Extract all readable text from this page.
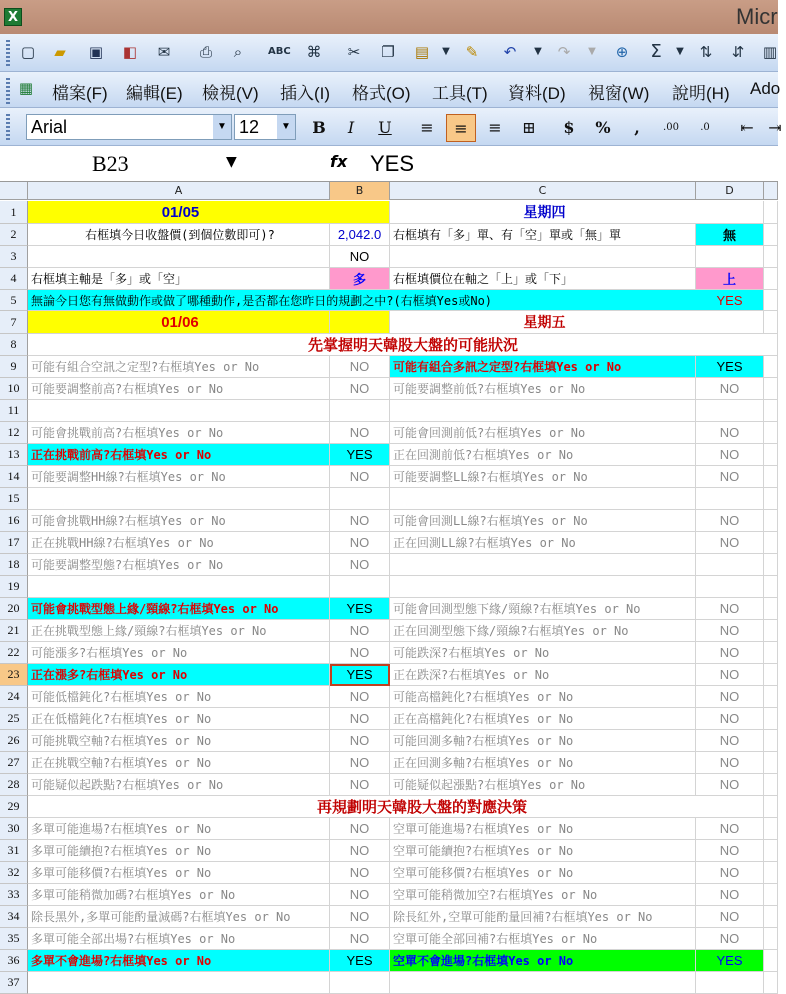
X	Micr
▢ ▰ ▣ ◧ ✉ ⎙	⌕	ABC ⌘ ✂ ❐ ▤	▼	✎ ↶	▼	↷	▼	⊕ Σ	▼	⇅ ⇵ ▥
▦ 檔案(F) 編輯(E) 檢視(V) 插入(I) 格式(O) 工具(T) 資料(D) 視窗(W) 說明(H) Ado
Arial	▼ 12	▼ B	I	U ≡	≡	≡ ⊞	$	%	,	.00	.0	⇤ ⇥
B23	▼	fx YES
A	B	C	D
1	01/05	星期四
2	右框填今日收盤價(到個位數即可)?	2,042.0 右框填有「多」單、有「空」單或「無」單	無
3	NO
4	右框填主軸是「多」或「空」	多	右框填價位在軸之「上」或「下」	上
5	無論今日您有無做動作或做了哪種動作,是否都在您昨日的規劃之中?(右框填Yes或No)	YES
7	01/06	星期五
8	先掌握明天韓股大盤的可能狀況
9	可能有組合空訊之定型?右框填Yes or No	NO	可能有組合多訊之定型?右框填Yes or No	YES
10 可能要調整前高?右框填Yes or No	NO	可能要調整前低?右框填Yes or No	NO
11
12 可能會挑戰前高?右框填Yes or No	NO	可能會回測前低?右框填Yes or No	NO
13 正在挑戰前高?右框填Yes or No	YES	正在回測前低?右框填Yes or No	NO
14 可能要調整HH線?右框填Yes or No	NO	可能要調整LL線?右框填Yes or No	NO
15
16 可能會挑戰HH線?右框填Yes or No	NO	可能會回測LL線?右框填Yes or No	NO
17 正在挑戰HH線?右框填Yes or No	NO	正在回測LL線?右框填Yes or No	NO
18 可能要調整型態?右框填Yes or No	NO
19
20 可能會挑戰型態上緣/頸線?右框填Yes or No	YES	可能會回測型態下緣/頸線?右框填Yes or No	NO
21 正在挑戰型態上緣/頸線?右框填Yes or No	NO	正在回測型態下緣/頸線?右框填Yes or No	NO
22 可能漲多?右框填Yes or No	NO	可能跌深?右框填Yes or No	NO
23 正在漲多?右框填Yes or No	YES	正在跌深?右框填Yes or No	NO
24 可能低檔鈍化?右框填Yes or No	NO	可能高檔鈍化?右框填Yes or No	NO
25 正在低檔鈍化?右框填Yes or No	NO	正在高檔鈍化?右框填Yes or No	NO
26 可能挑戰空軸?右框填Yes or No	NO	可能回測多軸?右框填Yes or No	NO
27 正在挑戰空軸?右框填Yes or No	NO	正在回測多軸?右框填Yes or No	NO
28 可能疑似起跌點?右框填Yes or No	NO	可能疑似起漲點?右框填Yes or No	NO
29	再規劃明天韓股大盤的對應決策
30 多單可能進場?右框填Yes or No	NO	空單可能進場?右框填Yes or No	NO
31 多單可能續抱?右框填Yes or No	NO	空單可能續抱?右框填Yes or No	NO
32 多單可能移價?右框填Yes or No	NO	空單可能移價?右框填Yes or No	NO
33 多單可能稍微加碼?右框填Yes or No	NO	空單可能稍微加空?右框填Yes or No	NO
34 除長黑外,多單可能酌量減碼?右框填Yes or No	NO	除長紅外,空單可能酌量回補?右框填Yes or No	NO
35 多單可能全部出場?右框填Yes or No	NO	空單可能全部回補?右框填Yes or No	NO
36 多單不會進場?右框填Yes or No	YES	空單不會進場?右框填Yes or No	YES
37
